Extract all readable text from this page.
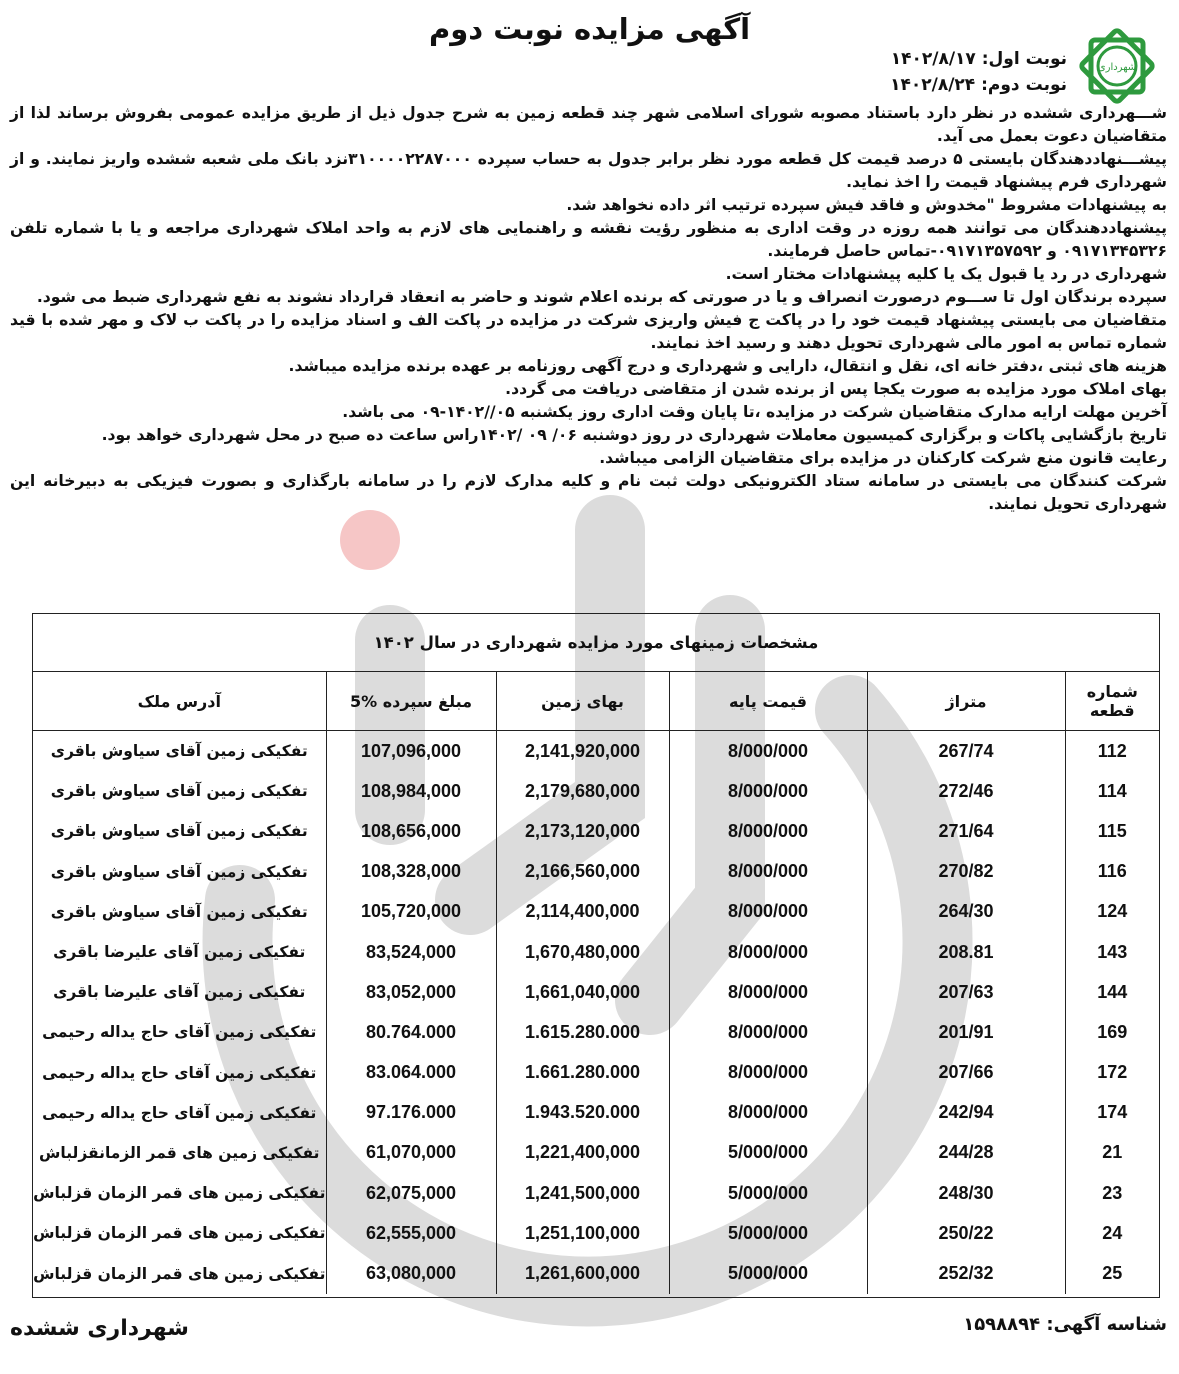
شهرداری
آگهی مزایده نوبت دوم
نوبت اول: ۱۴۰۲/۸/۱۷
نوبت دوم: ۱۴۰۲/۸/۲۴

شـــهرداری ششده در نظر دارد باستناد مصوبه شورای اسلامی شهر چند قطعه زمین به شرح جدول ذیل از طریق مزایده عمومی بفروش برساند لذا از متقاضیان دعوت بعمل می آید.

پیشـــنهاددهندگان بایستی ۵ درصد قیمت کل قطعه مورد نظر برابر جدول به حساب سپرده ۳۱۰۰۰۰۲۲۸۷۰۰۰نزد بانک ملی شعبه ششده واریز نمایند. و از شهرداری فرم پیشنهاد قیمت را اخذ نماید.

به پیشنهادات مشروط "مخدوش و فاقد فیش سپرده ترتیب اثر داده نخواهد شد.

پیشنهاددهندگان می توانند همه روزه در وقت اداری به منظور رؤیت نقشه و راهنمایی های لازم به واحد املاک شهرداری مراجعه و یا با شماره تلفن ۰۹۱۷۱۳۴۵۳۲۶ و ۰۹۱۷۱۳۵۷۵۹۲-تماس حاصل فرمایند.

شهرداری در رد یا قبول یک یا کلیه پیشنهادات مختار است.

سپرده برندگان اول تا ســـوم درصورت انصراف و یا در صورتی که برنده اعلام شوند و حاضر به انعقاد قرارداد نشوند به نفع شهرداری ضبط می شود.

متقاضیان می بایستی پیشنهاد قیمت خود را در پاکت ج فیش واریزی شرکت در مزایده در پاکت الف و اسناد مزایده را در پاکت ب لاک و مهر شده با قید شماره تماس به امور مالی شهرداری تحویل دهند و رسید اخذ نمایند.

هزینه های ثبتی ،دفتر خانه ای، نقل و انتقال، دارایی و شهرداری و درج آگهی روزنامه بر عهده برنده مزایده میباشد.

بهای املاک مورد مزایده به صورت یکجا پس از برنده شدن از متقاضی دریافت می گردد.

آخرین مهلت ارایه مدارک متقاضیان شرکت در مزایده ،تا پایان وقت اداری روز یکشنبه ۰۵//۱۴۰۲-۰۹ می باشد.

تاریخ بازگشایی پاکات و برگزاری کمیسیون معاملات شهرداری در روز دوشنبه ۰۶/ ۰۹ /۱۴۰۲راس ساعت ده صبح در محل شهرداری خواهد بود.

رعایت قانون منع شرکت کارکنان در مزایده برای متقاضیان الزامی میباشد.

شرکت کنندگان می بایستی در سامانه ستاد الکترونیکی دولت ثبت نام و کلیه مدارک لازم را در سامانه بارگذاری و بصورت فیزیکی به دبیرخانه این شهرداری تحویل نمایند.

مشخصات زمینهای مورد مزایده شهرداری در سال ۱۴۰۲
شماره قطعه	متراژ	قیمت پایه	بهای زمین	مبلغ سپرده %5	آدرس ملک
112	267/74	8/000/000	2,141,920,000	107,096,000	تفکیکی زمین آقای سیاوش باقری
114	272/46	8/000/000	2,179,680,000	108,984,000	تفکیکی زمین آقای سیاوش باقری
115	271/64	8/000/000	2,173,120,000	108,656,000	تفکیکی زمین آقای سیاوش باقری
116	270/82	8/000/000	2,166,560,000	108,328,000	تفکیکی زمین آقای سیاوش باقری
124	264/30	8/000/000	2,114,400,000	105,720,000	تفکیکی زمین آقای سیاوش باقری
143	208.81	8/000/000	1,670,480,000	83,524,000	تفکیکی زمین آقای علیرضا باقری
144	207/63	8/000/000	1,661,040,000	83,052,000	تفکیکی زمین آقای علیرضا باقری
169	201/91	8/000/000	1.615.280.000	80.764.000	تفکیکی زمین آقای حاج یداله رحیمی
172	207/66	8/000/000	1.661.280.000	83.064.000	تفکیکی زمین آقای حاج یداله رحیمی
174	242/94	8/000/000	1.943.520.000	97.176.000	تفکیکی زمین آقای حاج یداله رحیمی
21	244/28	5/000/000	1,221,400,000	61,070,000	تفکیکی زمین های قمر الزمانقزلباش
23	248/30	5/000/000	1,241,500,000	62,075,000	تفکیکی زمین های قمر الزمان قزلباش
24	250/22	5/000/000	1,251,100,000	62,555,000	تفکیکی زمین های قمر الزمان قزلباش
25	252/32	5/000/000	1,261,600,000	63,080,000	تفکیکی زمین های قمر الزمان قزلباش
شناسه آگهی: ۱۵۹۸۸۹۴
شهرداری ششده
